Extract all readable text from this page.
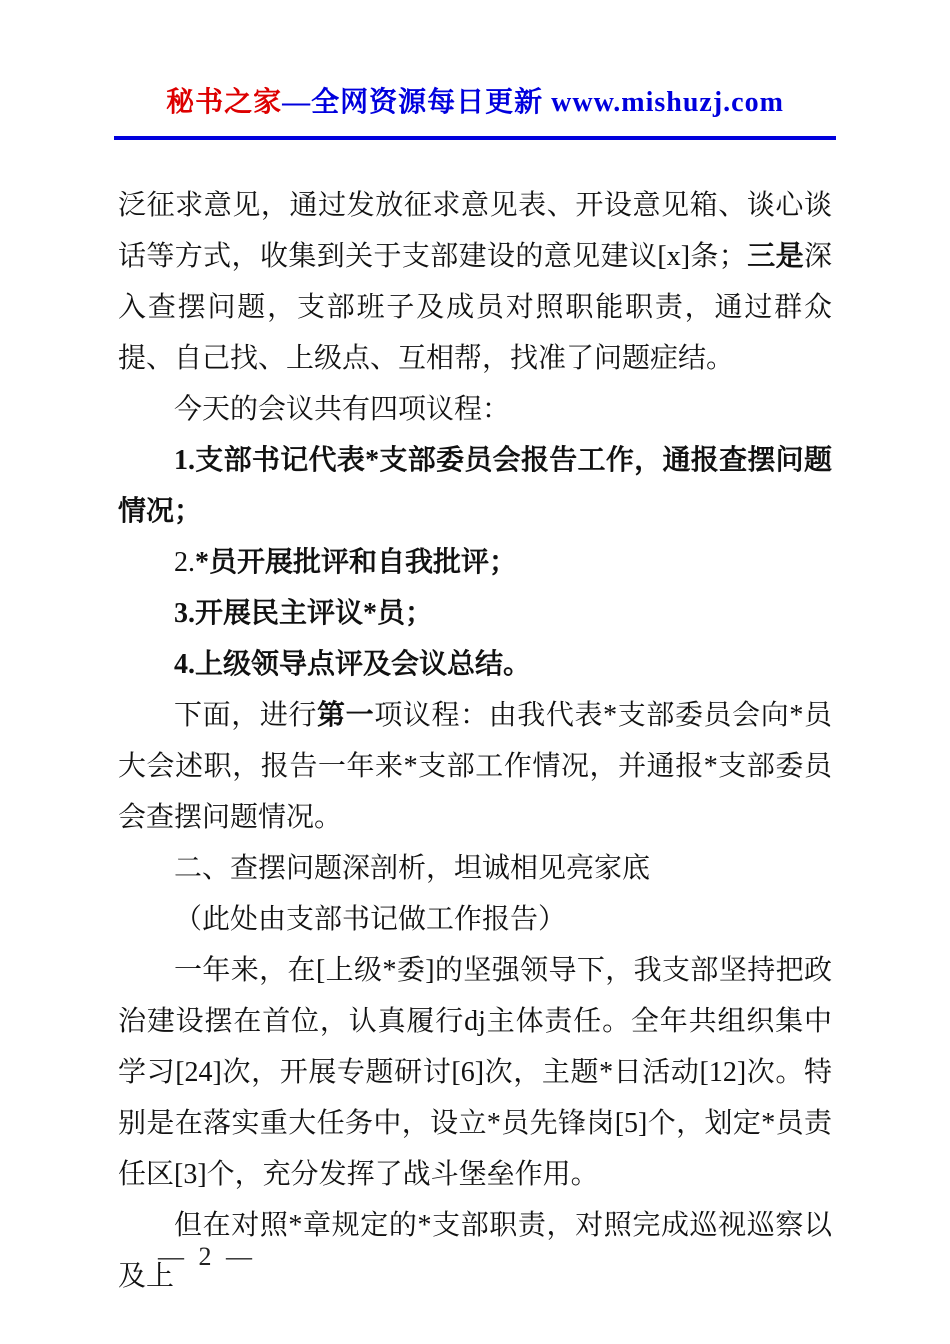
秘书之家—全网资源每日更新 www.mishuzj.com

泛征求意见，通过发放征求意见表、开设意见箱、谈心谈话等方式，收集到关于支部建设的意见建议[x]条；三是深入查摆问题，支部班子及成员对照职能职责，通过群众提、自己找、上级点、互相帮，找准了问题症结。

今天的会议共有四项议程：

1.支部书记代表*支部委员会报告工作，通报查摆问题情况；

2.*员开展批评和自我批评；

3.开展民主评议*员；

4.上级领导点评及会议总结。

下面，进行第一项议程：由我代表*支部委员会向*员大会述职，报告一年来*支部工作情况，并通报*支部委员会查摆问题情况。

二、查摆问题深剖析，坦诚相见亮家底

（此处由支部书记做工作报告）

一年来，在[上级*委]的坚强领导下，我支部坚持把政治建设摆在首位，认真履行dj主体责任。全年共组织集中学习[24]次，开展专题研讨[6]次，主题*日活动[12]次。特别是在落实重大任务中，设立*员先锋岗[5]个，划定*员责任区[3]个，充分发挥了战斗堡垒作用。

但在对照*章规定的*支部职责，对照完成巡视巡察以及上

— 2 —
